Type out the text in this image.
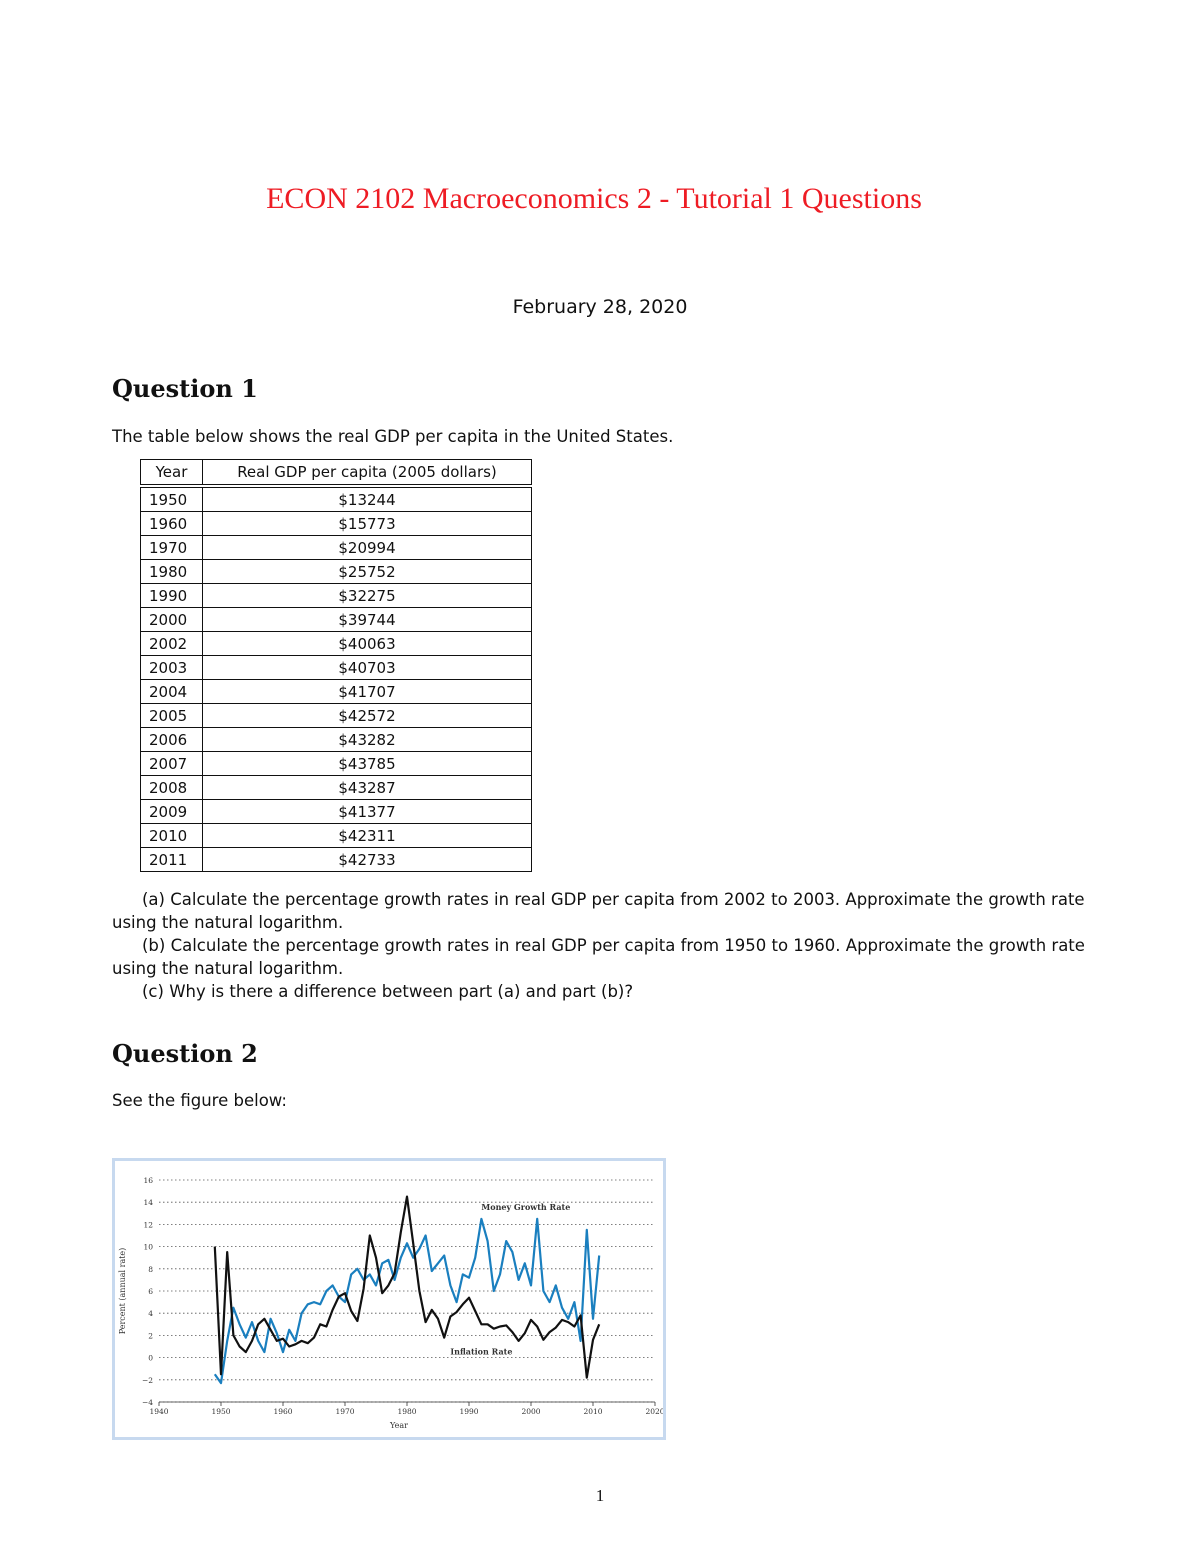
ECON 2102 Macroeconomics 2 - Tutorial 1 Questions
February 28, 2020
Question 1
The table below shows the real GDP per capita in the United States.
Year	Real GDP per capita (2005 dollars)
1950	$13244
1960	$15773
1970	$20994
1980	$25752
1990	$32275
2000	$39744
2002	$40063
2003	$40703
2004	$41707
2005	$42572
2006	$43282
2007	$43785
2008	$43287
2009	$41377
2010	$42311
2011	$42733
(a) Calculate the percentage growth rates in real GDP per capita from 2002 to 2003. Approximate the growth rate using the natural logarithm.
(b) Calculate the percentage growth rates in real GDP per capita from 1950 to 1960. Approximate the growth rate using the natural logarithm.
(c) Why is there a difference between part (a) and part (b)?
Question 2
See the figure below:
−4
−2
0
2
4
6
8
10
12
14
16
1940	1950	1960	1970	1980	1990	2000	2010	2020
Year
Percent (annual rate)
Money Growth Rate
Inflation Rate
1
